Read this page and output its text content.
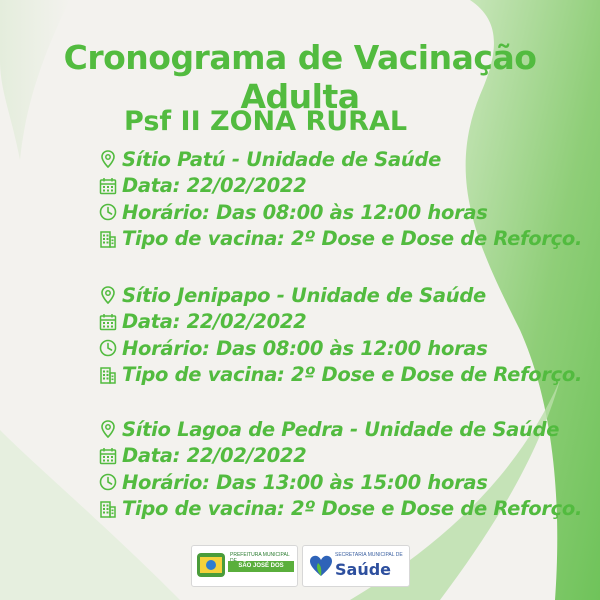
Cronograma de Vacinação Adulta
Psf II ZONA RURAL
Sítio Patú - Unidade de Saúde
Data: 22/02/2022
Horário: Das 08:00 às 12:00 horas
Tipo de vacina: 2º Dose e Dose de Reforço.
Sítio Jenipapo - Unidade de Saúde
Data: 22/02/2022
Horário: Das 08:00 às 12:00 horas
Tipo de vacina: 2º Dose e Dose de Reforço.
Sítio Lagoa de Pedra - Unidade de Saúde
Data: 22/02/2022
Horário: Das 13:00 às 15:00 horas
Tipo de vacina: 2º Dose e Dose de Reforço.
PREFEITURA MUNICIPAL
SÃO JOSÉ DOS RAMOS
SECRETARIA MUNICIPAL DE
Saúde
